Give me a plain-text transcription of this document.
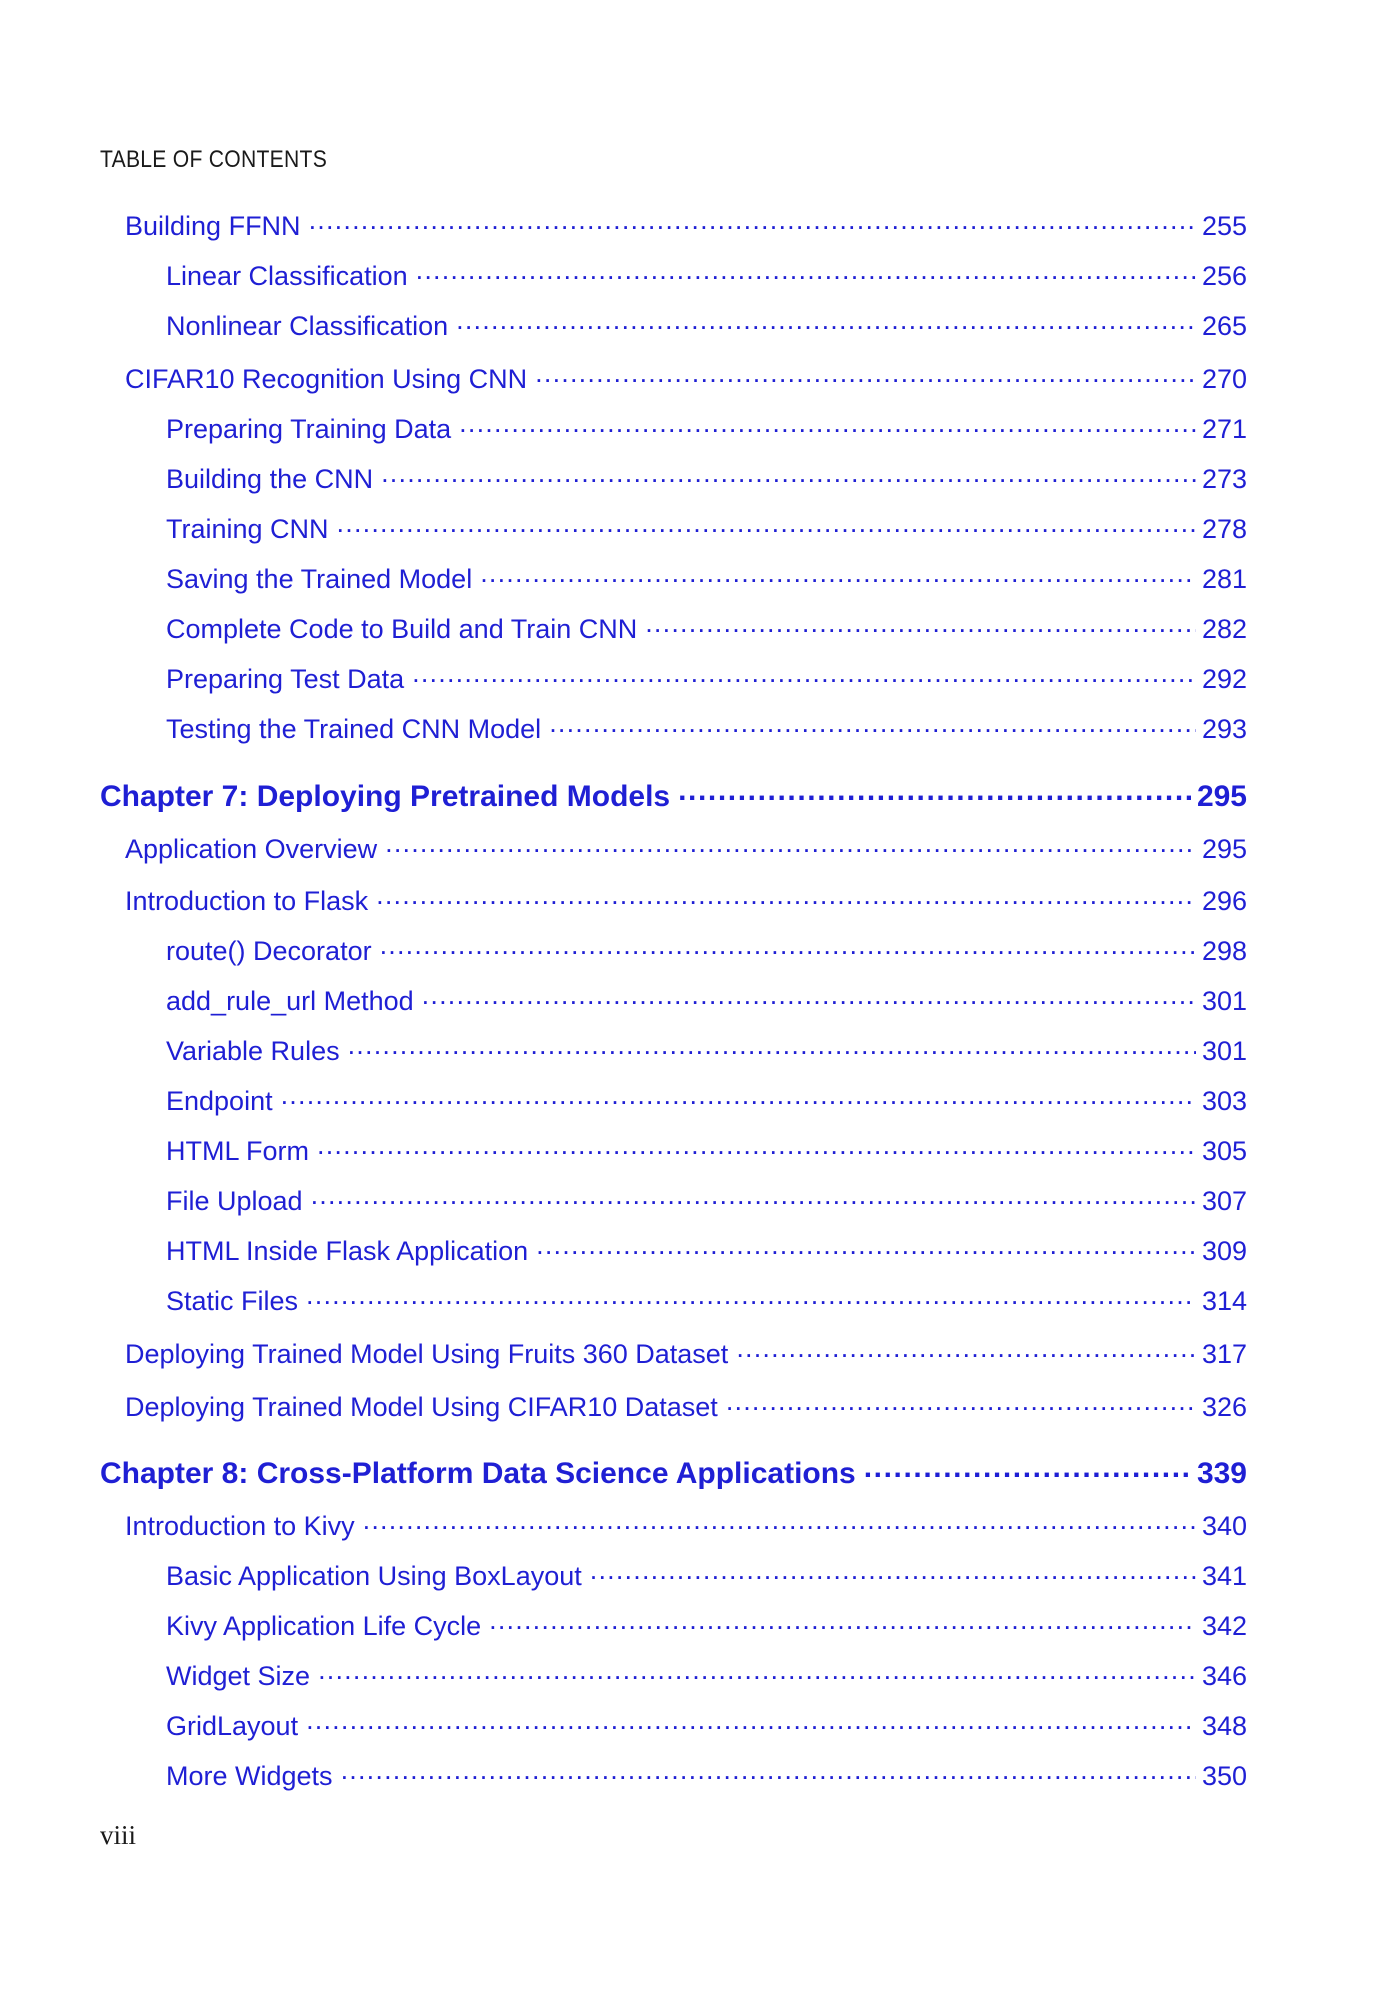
TABLE OF CONTENTS
Building FFNN .....	255
Linear Classification .....	256
Nonlinear Classification .....	265
CIFAR10 Recognition Using CNN .....	270
Preparing Training Data .....	271
Building the CNN .....	273
Training CNN .....	278
Saving the Trained Model .....	281
Complete Code to Build and Train CNN .....	282
Preparing Test Data .....	292
Testing the Trained CNN Model .....	293
Chapter 7: Deploying Pretrained Models .....	295
Application Overview .....	295
Introduction to Flask .....	296
route() Decorator .....	298
add_rule_url Method .....	301
Variable Rules .....	301
Endpoint .....	303
HTML Form .....	305
File Upload .....	307
HTML Inside Flask Application .....	309
Static Files .....	314
Deploying Trained Model Using Fruits 360 Dataset .....	317
Deploying Trained Model Using CIFAR10 Dataset .....	326
Chapter 8: Cross-Platform Data Science Applications .....	339
Introduction to Kivy .....	340
Basic Application Using BoxLayout .....	341
Kivy Application Life Cycle .....	342
Widget Size .....	346
GridLayout .....	348
More Widgets .....	350
viii
